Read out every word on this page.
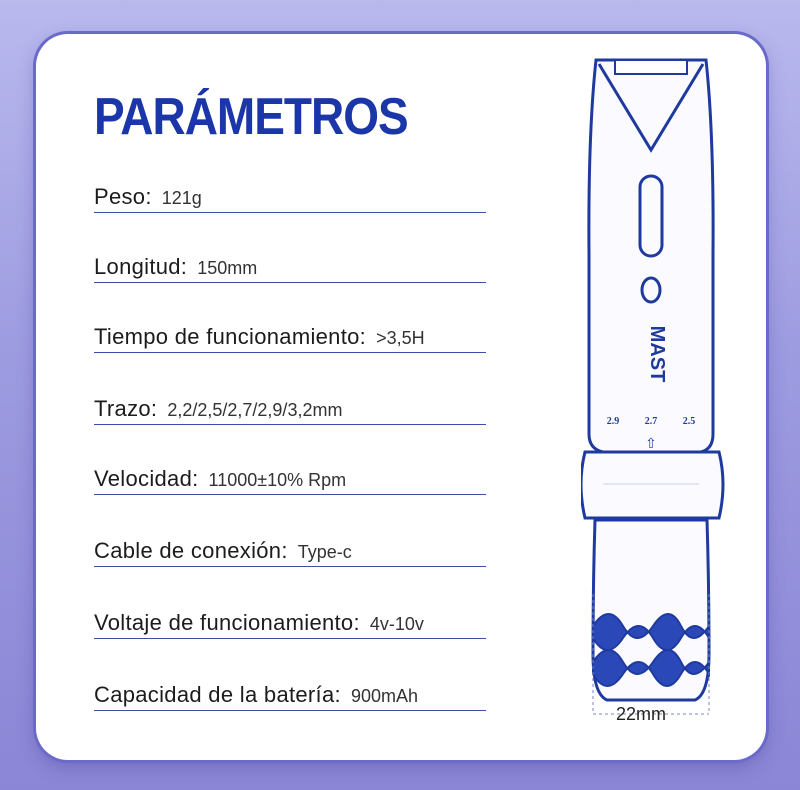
PARÁMETROS
Peso: 121g
Longitud: 150mm
Tiempo de funcionamiento: >3,5H
Trazo: 2,2/2,5/2,7/2,9/3,2mm
Velocidad: 11000±10% Rpm
Cable de conexión: Type-c
Voltaje de funcionamiento: 4v-10v
Capacidad de la batería: 900mAh
MAST
2.9	2.7	2.5
⇧
22mm
